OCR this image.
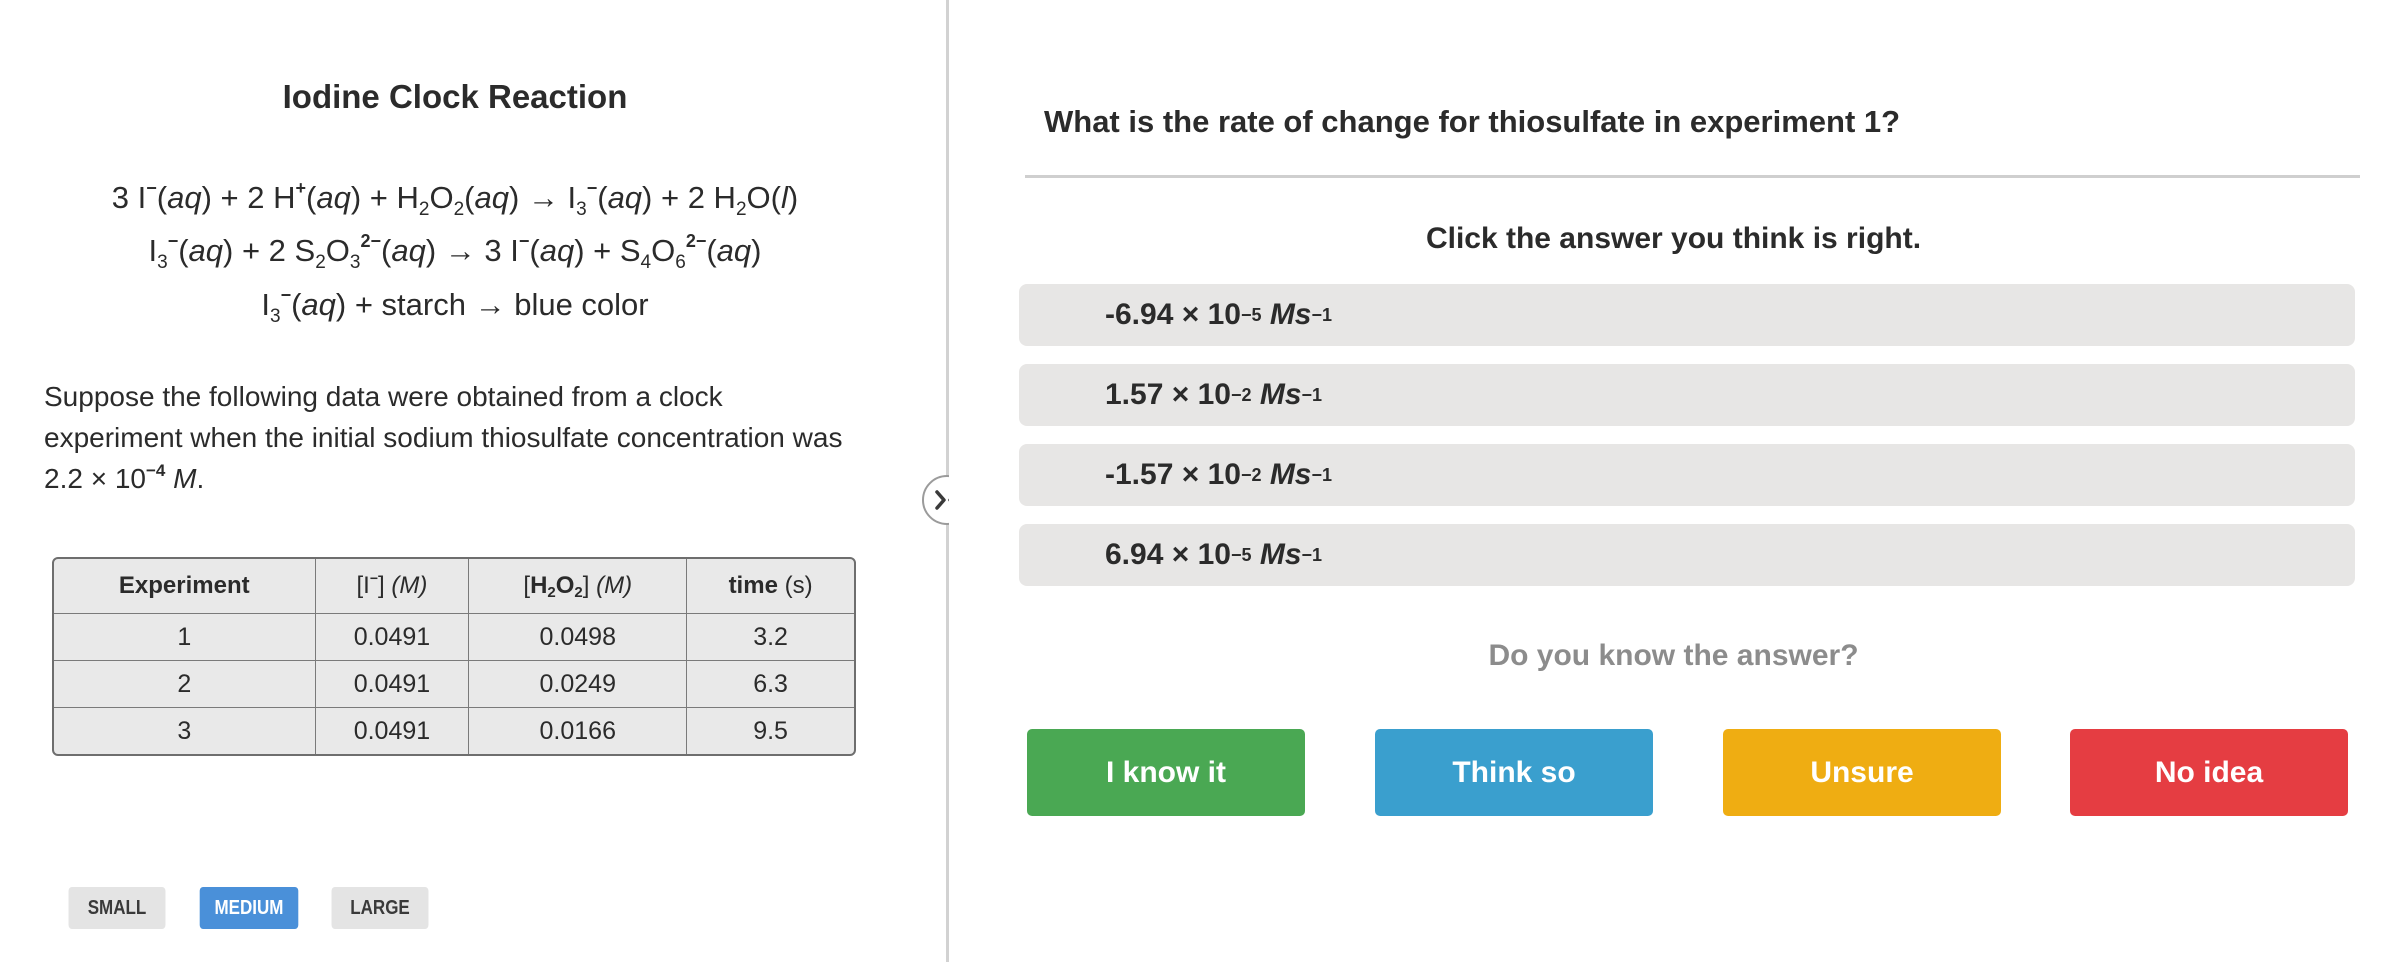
Iodine Clock Reaction
3 I−(aq) + 2 $H^+(aq) + H_2O_2(aq) \to I_3^-(aq) + 2$ $H_2O(l)$
$I_3^-(aq) + 2$ $S_2O_3^{2-}(aq) \to 3$ $I^-(aq) + S_4O_6^{2-}(aq)$
$I_3^-(aq)$ + starch → blue color
Suppose the following data were obtained from a clock experiment when the initial sodium thiosulfate concentration was $2.2 \times 10^{-4}$ M.
Experiment	[I−] (M)	$[H_2O_2]$ (M)	time (s)
1	0.0491	0.0498	3.2
2	0.0491	0.0249	6.3
3	0.0491	0.0166	9.5
SMALL	MEDIUM	LARGE
What is the rate of change for thiosulfate in experiment 1?
Click the answer you think is right.
-6.94 × 10 −5
Ms −1
1.57 × 10 −2
Ms −1
-1.57 × 10 −2
Ms −1
6.94 × 10 −5
Ms −1
Do you know the answer?
I know it	Think so	Unsure	No idea
